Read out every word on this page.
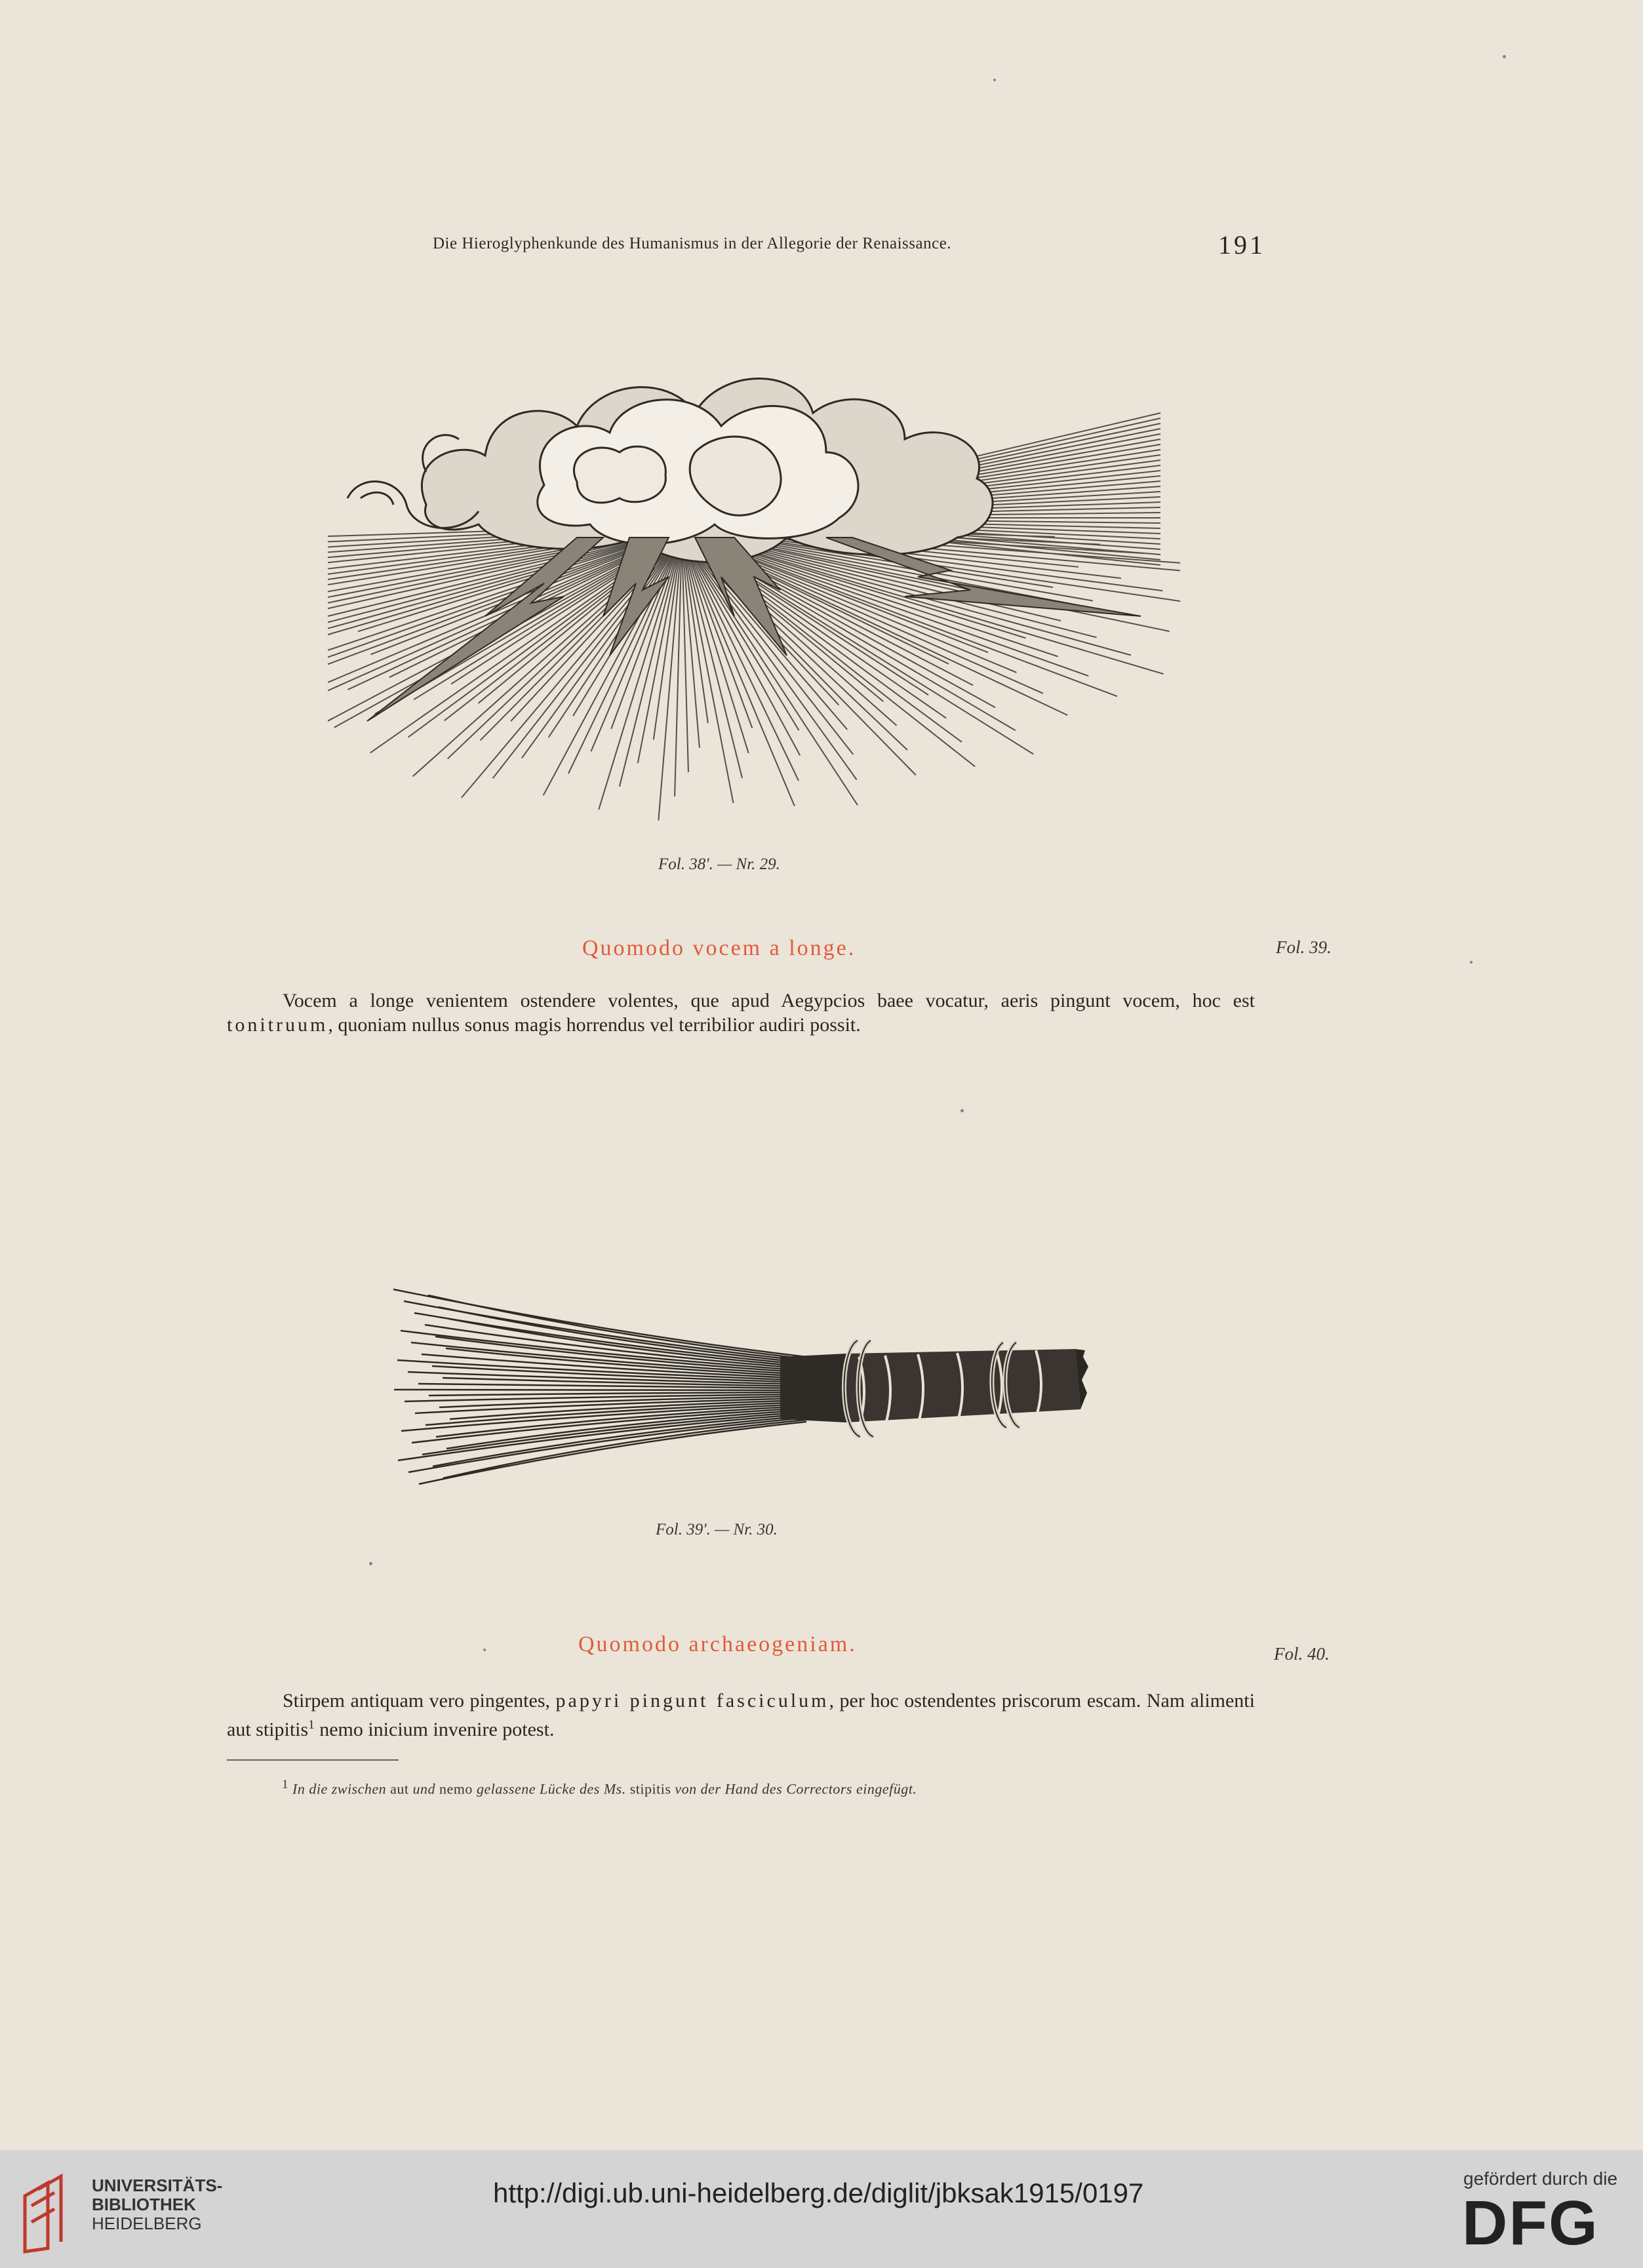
Die Hieroglyphenkunde des Humanismus in der Allegorie der Renaissance.	191
Fol. 38'. — Nr. 29.
Quomodo vocem a longe.	Fol. 39.

Vocem a longe venientem ostendere volentes, que apud Aegypcios baee vocatur, aeris pingunt vocem, hoc est tonitruum, quoniam nullus sonus magis horrendus vel terribilior audiri possit.

Fol. 39'. — Nr. 30.
Quomodo archaeogeniam.	Fol. 40.

Stirpem antiquam vero pingentes, papyri pingunt fasciculum, per hoc ostendentes priscorum escam. Nam alimenti aut stipitis$^1$ nemo inicium invenire potest.

$^1$ In die zwischen aut und nemo gelassene Lücke des Ms. stipitis von der Hand des Correctors eingefügt.
UNIVERSITÄTS-
BIBLIOTHEK
HEIDELBERG
http://digi.ub.uni-heidelberg.de/diglit/jbksak1915/0197	gefördert durch die
DFG
